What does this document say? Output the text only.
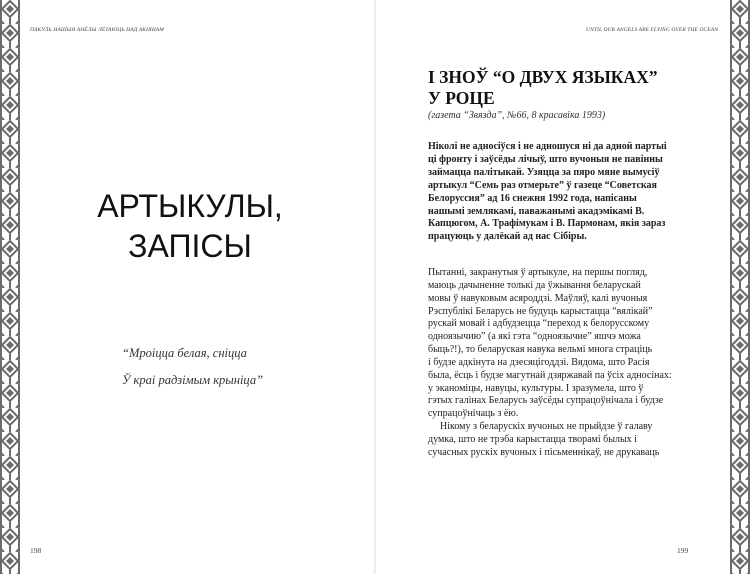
ПАКУЛЬ НАШЫЯ АНЁЛЫ ЛЁТАЮЦЬ НАД АКІЯНАМ
АРТЫКУЛЫ,
ЗАПІСЫ
“Мроіцца белая, сніцца
Ў краі радзімым крыніца”
198
UNTIL OUR ANGELS ARE FLYING OVER THE OCEAN
І ЗНОЎ “О ДВУХ ЯЗЫКАХ”
У РОЦЕ
(газета “Звязда”, №66, 8 красавіка 1993)
Ніколі не адносіўся і не адношуся ні да адной партыі
ці фронту і заўсёды лічыў, што вучоныя не павінны
займацца палітыкай. Узяцца за пяро мяне вымусіў
артыкул “Семь раз отмерьте” ў газеце “Советская
Белоруссия” ад 16 снежня 1992 года, напісаны
нашымі землякамі, паважанымі акадэмікамі В.
Капцюгом, А. Трафімукам і В. Пармонам, якія зараз
працуюць у далёкай ад нас Сібіры.
Пытанні, закранутыя ў артыкуле, на першы погляд,
маюць дачыненне толькі да ўжывання беларускай
мовы ў навуковым асяроддзі. Маўляў, калі вучоныя
Рэспублікі Беларусь не будуць карыстацца “вялікай”
рускай мовай і адбудзецца “переход к белорусскому
одноязычию” (а які гэта “одноязычие” яшчэ можа
быць?!), то беларуская навука вельмі многа страціць
і будзе адкінута на дзесяцігоддзі. Вядома, што Расія
была, ёсць і будзе магутнай дзяржавай па ўсіх адносінах:
у эканоміцы, навуцы, культуры. І зразумела, што ў
гэтых галінах Беларусь заўсёды супрацоўнічала і будзе
супрацоўнічаць з ёю.
Нікому з беларускіх вучоных не прыйдзе ў галаву
думка, што не трэба карыстацца творамі былых і
сучасных рускіх вучоных і пісьменнікаў, не друкаваць
199
